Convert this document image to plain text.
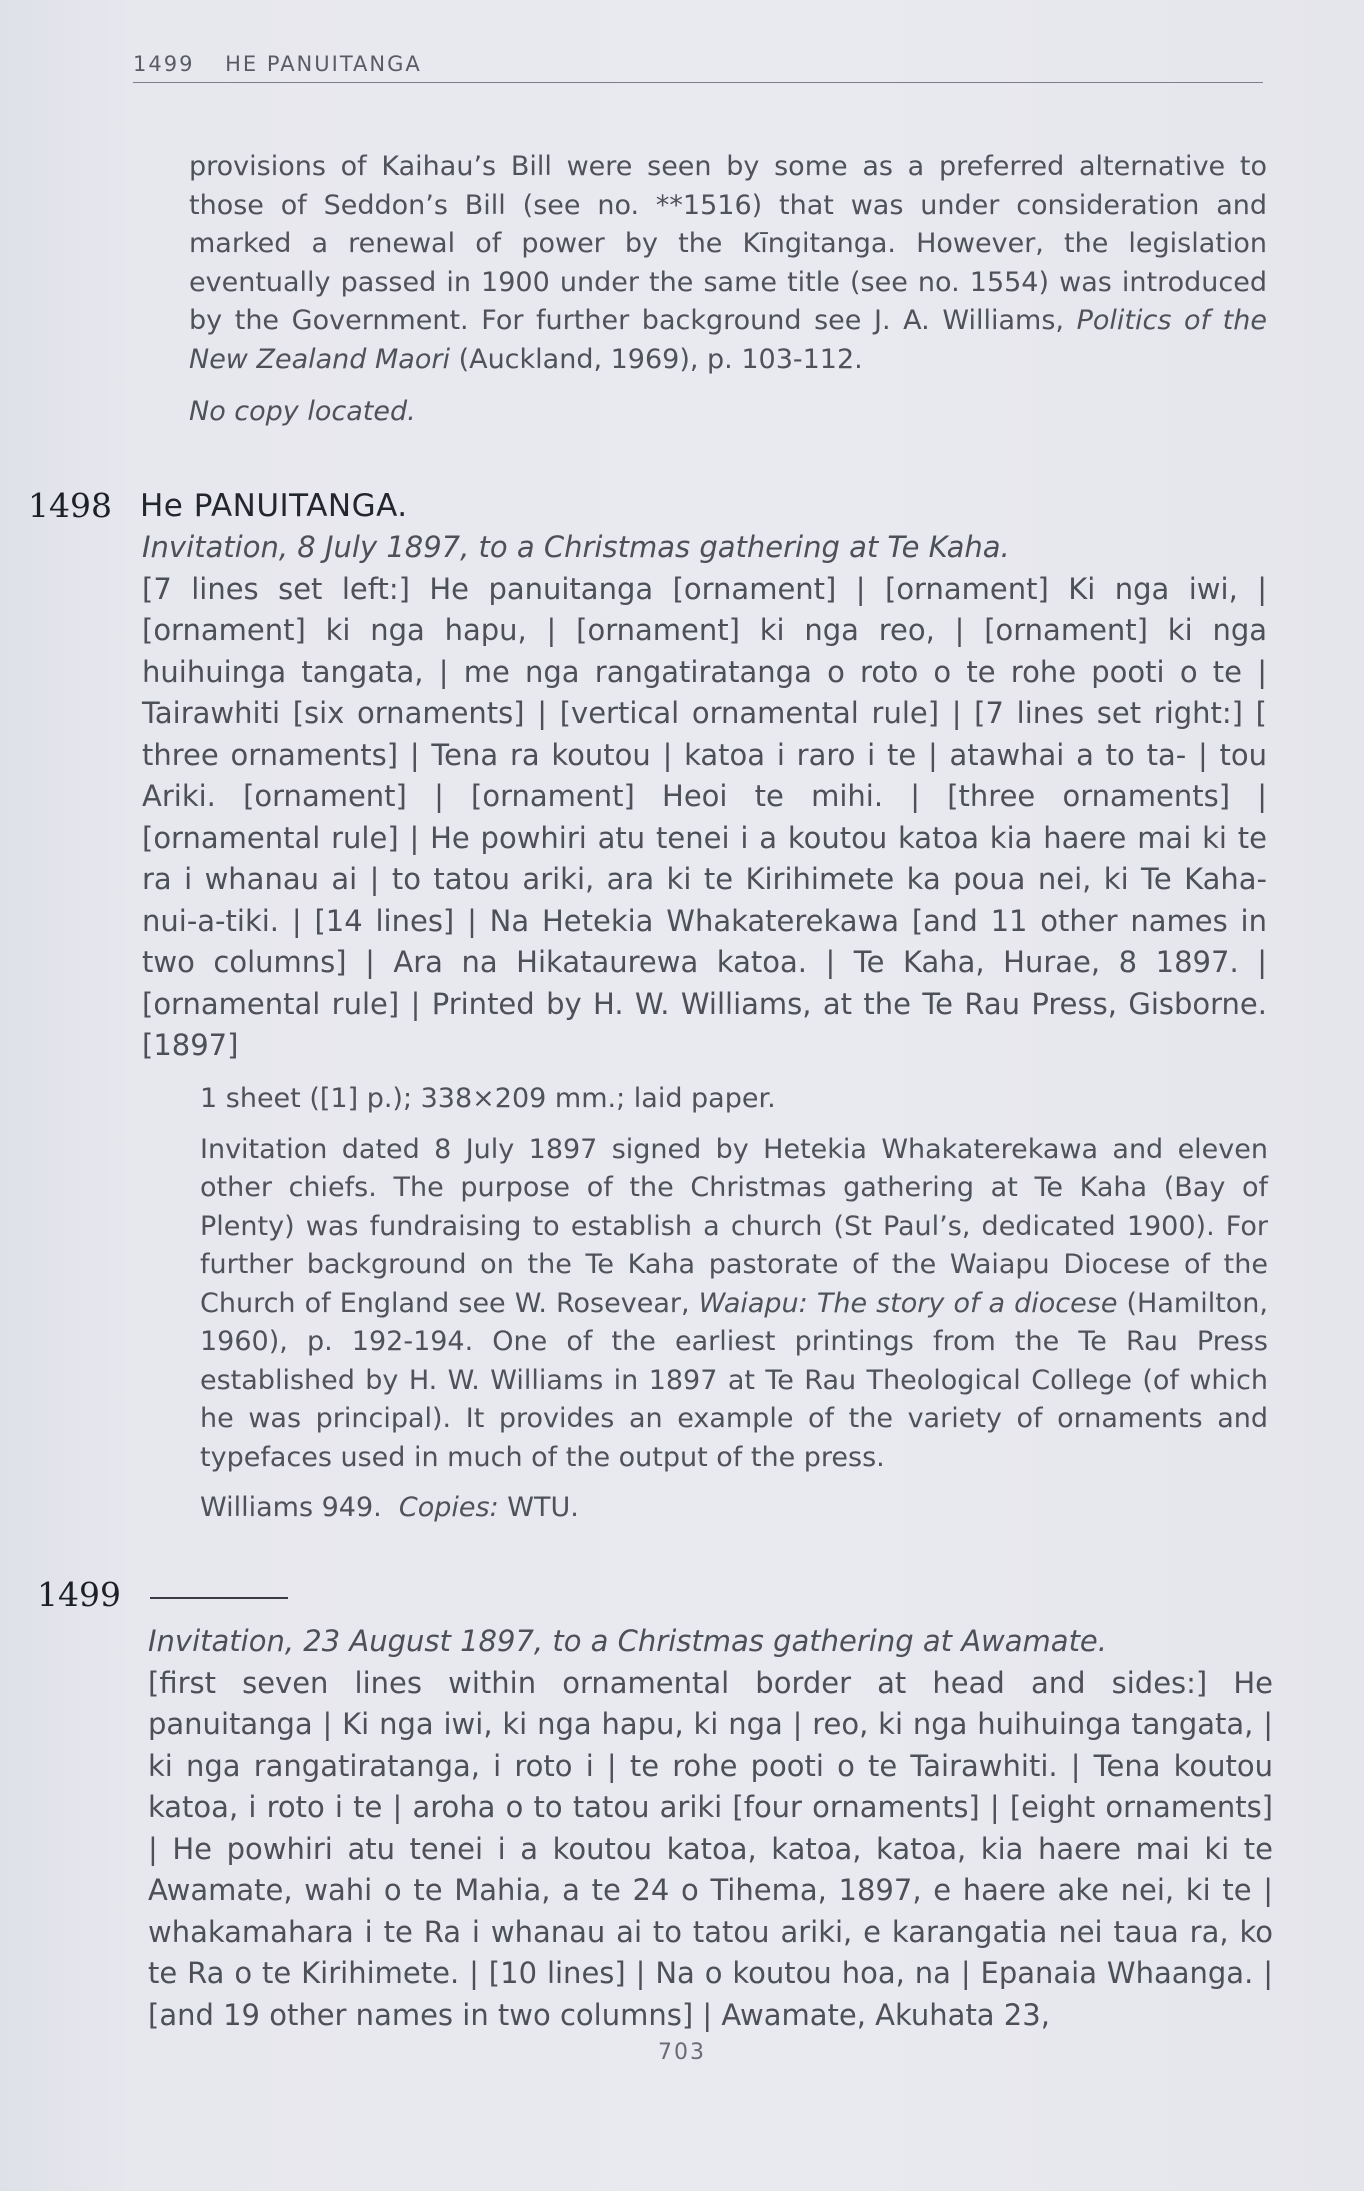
1499 HE PANUITANGA

provisions of Kaihau’s Bill were seen by some as a preferred alternative to those of Seddon’s Bill (see no. **1516) that was under consideration and marked a renewal of power by the Kīngitanga. However, the legislation eventually passed in 1900 under the same title (see no. 1554) was introduced by the Government. For further background see J. A. Williams, Politics of the New Zealand Maori (Auckland, 1969), p. 103-112.

No copy located.

1498 He PANUITANGA.
Invitation, 8 July 1897, to a Christmas gathering at Te Kaha.
[7 lines set left:] He panuitanga [ornament] | [ornament] Ki nga iwi, | [ornament] ki nga hapu, | [ornament] ki nga reo, | [ornament] ki nga huihuinga tangata, | me nga rangatiratanga o roto o te rohe pooti o te | Tairawhiti [six ornaments] | [vertical ornamental rule] | [7 lines set right:] [ three ornaments] | Tena ra koutou | katoa i raro i te | atawhai a to ta- | tou Ariki. [ornament] | [ornament] Heoi te mihi. | [three ornaments] | [ornamental rule] | He powhiri atu tenei i a koutou katoa kia haere mai ki te ra i whanau ai | to tatou ariki, ara ki te Kirihimete ka poua nei, ki Te Kaha-nui-a-tiki. | [14 lines] | Na Hetekia Whakaterekawa [and 11 other names in two columns] | Ara na Hikataurewa katoa. | Te Kaha, Hurae, 8 1897. | [ornamental rule] | Printed by H. W. Williams, at the Te Rau Press, Gisborne. [1897]

1 sheet ([1] p.); 338×209 mm.; laid paper.

Invitation dated 8 July 1897 signed by Hetekia Whakaterekawa and eleven other chiefs. The purpose of the Christmas gathering at Te Kaha (Bay of Plenty) was fundraising to establish a church (St Paul’s, dedicated 1900). For further background on the Te Kaha pastorate of the Waiapu Diocese of the Church of England see W. Rosevear, Waiapu: The story of a diocese (Hamilton, 1960), p. 192-194. One of the earliest printings from the Te Rau Press established by H. W. Williams in 1897 at Te Rau Theological College (of which he was principal). It provides an example of the variety of ornaments and typefaces used in much of the output of the press.

Williams 949. Copies: WTU.

1499
Invitation, 23 August 1897, to a Christmas gathering at Awamate.
[first seven lines within ornamental border at head and sides:] He panuitanga | Ki nga iwi, ki nga hapu, ki nga | reo, ki nga huihuinga tangata, | ki nga rangatiratanga, i roto i | te rohe pooti o te Tairawhiti. | Tena koutou katoa, i roto i te | aroha o to tatou ariki [four ornaments] | [eight ornaments] | He powhiri atu tenei i a koutou katoa, katoa, katoa, kia haere mai ki te Awamate, wahi o te Mahia, a te 24 o Tihema, 1897, e haere ake nei, ki te | whakamahara i te Ra i whanau ai to tatou ariki, e karangatia nei taua ra, ko te Ra o te Kirihimete. | [10 lines] | Na o koutou hoa, na | Epanaia Whaanga. | [and 19 other names in two columns] | Awamate, Akuhata 23,
703
